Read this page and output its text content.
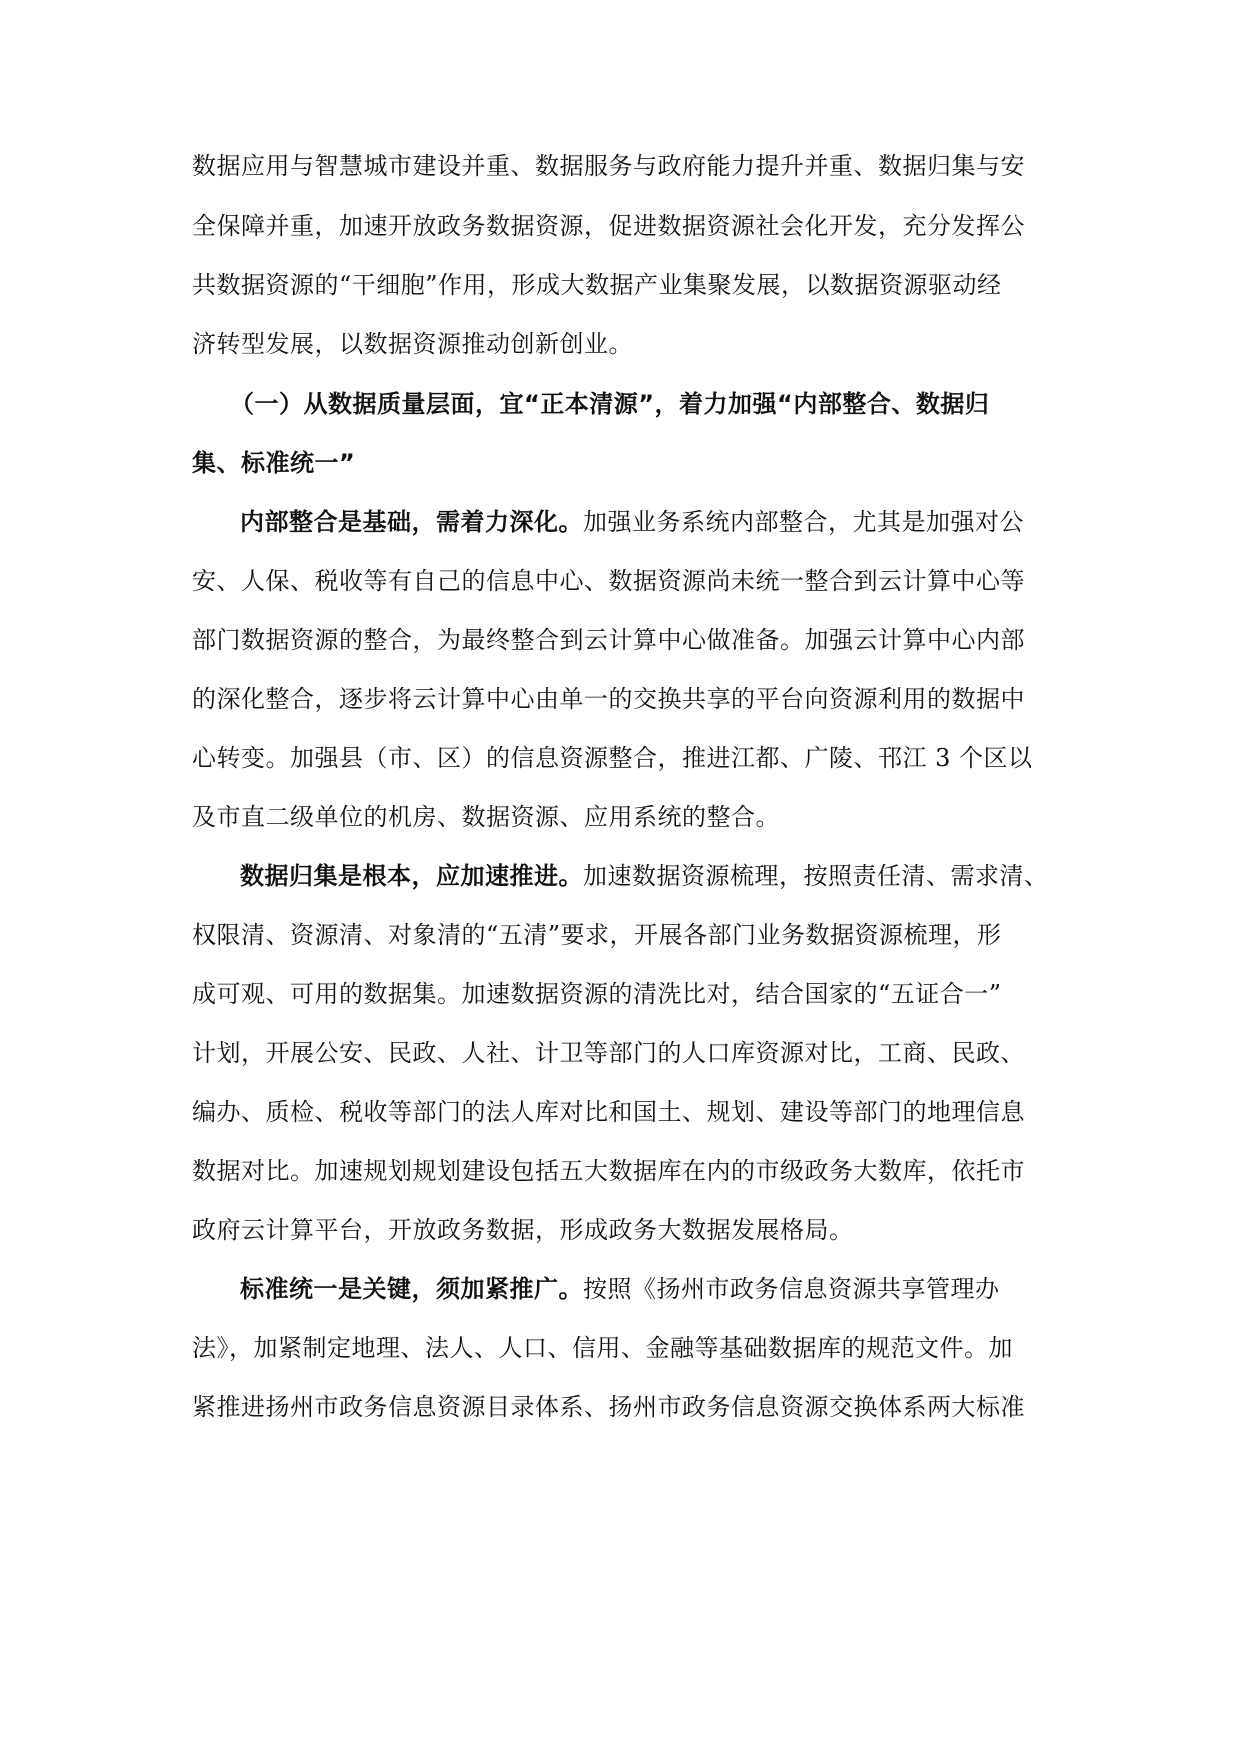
数据应用与智慧城市建设并重、数据服务与政府能力提升并重、数据归集与安
全保障并重，加速开放政务数据资源，促进数据资源社会化开发，充分发挥公
共数据资源的“干细胞”作用，形成大数据产业集聚发展，以数据资源驱动经
济转型发展，以数据资源推动创新创业。
（一）从数据质量层面，宜“正本清源”，着力加强“内部整合、数据归
集、标准统一”
内部整合是基础，需着力深化。加强业务系统内部整合，尤其是加强对公
安、人保、税收等有自己的信息中心、数据资源尚未统一整合到云计算中心等
部门数据资源的整合，为最终整合到云计算中心做准备。加强云计算中心内部
的深化整合，逐步将云计算中心由单一的交换共享的平台向资源利用的数据中
心转变。加强县（市、区）的信息资源整合，推进江都、广陵、邗江 3 个区以
及市直二级单位的机房、数据资源、应用系统的整合。
数据归集是根本，应加速推进。加速数据资源梳理，按照责任清、需求清、
权限清、资源清、对象清的“五清”要求，开展各部门业务数据资源梳理，形
成可观、可用的数据集。加速数据资源的清洗比对，结合国家的“五证合一”
计划，开展公安、民政、人社、计卫等部门的人口库资源对比，工商、民政、
编办、质检、税收等部门的法人库对比和国土、规划、建设等部门的地理信息
数据对比。加速规划规划建设包括五大数据库在内的市级政务大数库，依托市
政府云计算平台，开放政务数据，形成政务大数据发展格局。
标准统一是关键，须加紧推广。按照《扬州市政务信息资源共享管理办
法》，加紧制定地理、法人、人口、信用、金融等基础数据库的规范文件。加
紧推进扬州市政务信息资源目录体系、扬州市政务信息资源交换体系两大标准
